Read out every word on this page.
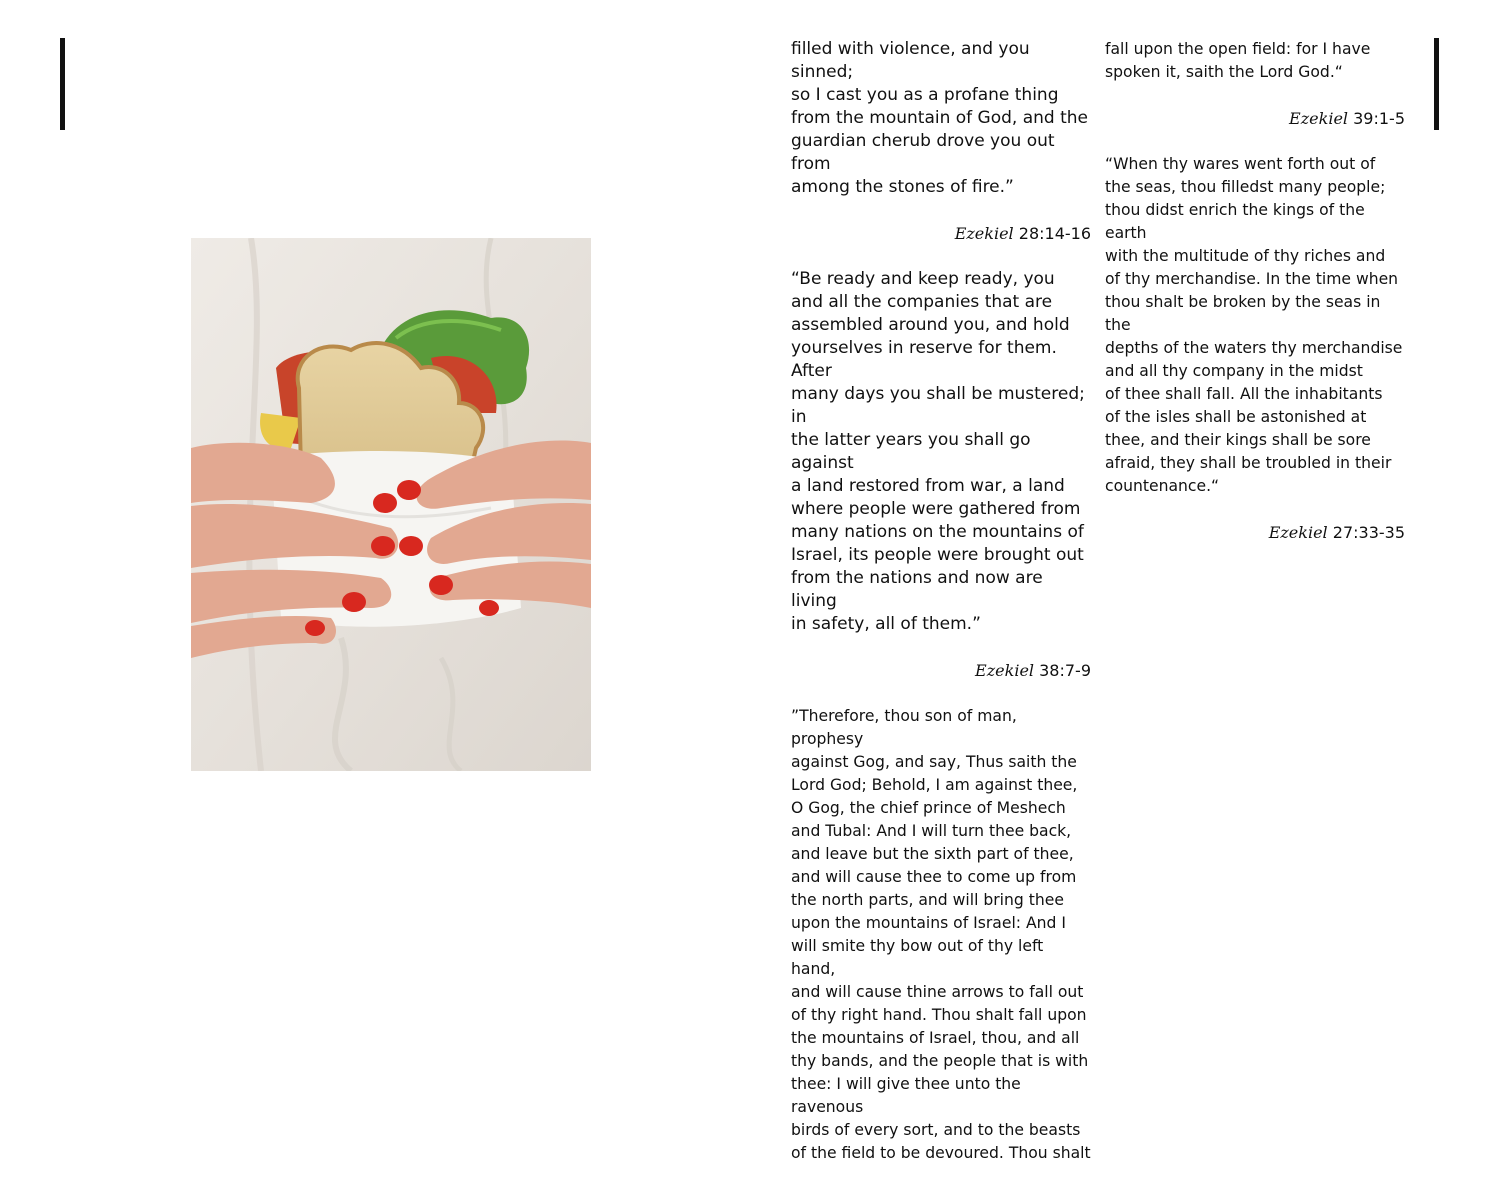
filled with violence, and you sinned;
so I cast you as a profane thing
from the mountain of God, and the
guardian cherub drove you out from
among the stones of fire.”

Ezekiel 28:14-16

“Be ready and keep ready, you
and all the companies that are
assembled around you, and hold
yourselves in reserve for them. After
many days you shall be mustered; in
the latter years you shall go against
a land restored from war, a land
where people were gathered from
many nations on the mountains of
Israel, its people were brought out
from the nations and now are living
in safety, all of them.”

Ezekiel 38:7-9

”Therefore, thou son of man, prophesy
against Gog, and say, Thus saith the
Lord God; Behold, I am against thee,
O Gog, the chief prince of Meshech
and Tubal: And I will turn thee back,
and leave but the sixth part of thee,
and will cause thee to come up from
the north parts, and will bring thee
upon the mountains of Israel: And I
will smite thy bow out of thy left hand,
and will cause thine arrows to fall out
of thy right hand. Thou shalt fall upon
the mountains of Israel, thou, and all
thy bands, and the people that is with
thee: I will give thee unto the ravenous
birds of every sort, and to the beasts
of the field to be devoured. Thou shalt

fall upon the open field: for I have
spoken it, saith the Lord God.“

Ezekiel 39:1-5

“When thy wares went forth out of
the seas, thou filledst many people;
thou didst enrich the kings of the earth
with the multitude of thy riches and
of thy merchandise. In the time when
thou shalt be broken by the seas in the
depths of the waters thy merchandise
and all thy company in the midst
of thee shall fall. All the inhabitants
of the isles shall be astonished at
thee, and their kings shall be sore
afraid, they shall be troubled in their
countenance.“

Ezekiel 27:33-35
